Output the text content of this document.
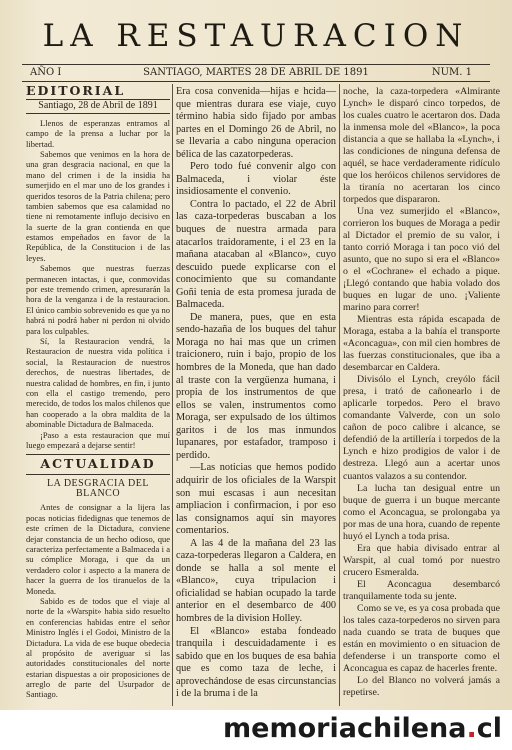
LA RESTAURACION
AÑO I	SANTIAGO, MARTES 28 DE ABRIL DE 1891	NUM. 1
EDITORIAL
Santiago, 28 de Abril de 1891

Llenos de esperanzas entramos al campo de la prensa a luchar por la libertad.

Sabemos que venimos en la hora de una gran desgracia nacional, en que la mano del crimen i de la insidia ha sumerjido en el mar uno de los grandes i queridos tesoros de la Patria chilena; pero tambien sabemos que esa calamidad no tiene ni remotamente influjo decisivo en la suerte de la gran contienda en que estamos empeñados en favor de la República, de la Constitucion i de las leyes.

Sabemos que nuestras fuerzas permanecen intactas, i que, conmovidas por este tremendo crimen, apresurarán la hora de la venganza i de la restauracion. El único cambio sobrevenido es que ya no habrá ni podrá haber ni perdon ni olvido para los culpables.

Sí, la Restauracion vendrá, la Restauracion de nuestra vida política i social, la Restauracion de nuestros derechos, de nuestras libertades, de nuestra calidad de hombres, en fin, i junto con ella el castigo tremendo, pero merecido, de todos los malos chilenos que han cooperado a la obra maldita de la abominable Dictadura de Balmaceda.

¡Paso a esta restauracion que muí luego empezará a dejarse sentir!

ACTUALIDAD
LA DESGRACIA DEL BLANCO

Antes de consignar a la lijera las pocas noticias fidedignas que tenemos de este crímen de la Dictadura, conviene dejar constancia de un hecho odioso, que caracteriza perfectamente a Balmaceda i a su cómplice Moraga, i que da un verdadero color i aspecto a la manera de hacer la guerra de los tiranuelos de la Moneda.

Sabido es de todos que el viaje al norte de la «Warspit» habia sido resuelto en conferencias habidas entre el señor Ministro Inglés i el Godoi, Ministro de la Dictadura. La vida de ese buque obedecia al propósito de averiguar si las autoridades constitucionales del norte estarian dispuestas a oir proposiciones de arreglo de parte del Usurpador de Santiago.

Era cosa convenida—hijas e hcida—que mientras durara ese viaje, cuyo término habia sido fijado por ambas partes en el Domingo 26 de Abril, no se llevaria a cabo ninguna operacion bélica de las cazatorpederas.

Pero todo fué convenir algo con Balmaceda, i violar éste insidiosamente el convenio.

Contra lo pactado, el 22 de Abril las caza-torpederas buscaban a los buques de nuestra armada para atacarlos traidoramente, i el 23 en la mañana atacaban al «Blanco», cuyo descuido puede explicarse con el conocimiento que su comandante Goñi tenia de esta promesa jurada de Balmaceda.

De manera, pues, que en esta sendo-hazaña de los buques del tahur Moraga no hai mas que un crimen traicionero, ruin i bajo, propio de los hombres de la Moneda, que han dado al traste con la vergüenza humana, i propia de los instrumentos de que ellos se valen, instrumentos como Moraga, ser expulsado de los últimos garitos i de los mas inmundos lupanares, por estafador, tramposo i perdido.

—Las noticias que hemos podido adquirir de los oficiales de la Warspit son mui escasas i aun necesitan ampliacion i confirmacion, i por eso las consignamos aquí sin mayores comentarios.

A las 4 de la mañana del 23 las caza-torpederas llegaron a Caldera, en donde se halla a sol mente el «Blanco», cuya tripulacion i oficialidad se habian ocupado la tarde anterior en el desembarco de 400 hombres de la division Holley.

El «Blanco» estaba fondeado tranquila i descuidadamente i es sabido que en los buques de esa bahia que es como taza de leche, i aprovechándose de esas circunstancias i de la bruma i de la

noche, la caza-torpedera «Almirante Lynch» le disparó cinco torpedos, de los cuales cuatro le acertaron dos. Dada la inmensa mole del «Blanco», la poca distancia a que se hallaba la «Lynch», i las condiciones de ninguna defensa de aquél, se hace verdaderamente ridículo que los heróicos chilenos servidores de la tiranía no acertaran los cinco torpedos que dispararon.

Una vez sumerjido el «Blanco», corrieron los buques de Moraga a pedir al Dictador el premio de su valor, i tanto corrió Moraga i tan poco vió del asunto, que no supo si era el «Blanco» o el «Cochrane» el echado a pique. ¡Llegó contando que habia volado dos buques en lugar de uno. ¡Valiente marino para correr!

Mientras esta rápida escapada de Moraga, estaba a la bahía el transporte «Aconcagua», con mil cien hombres de las fuerzas constitucionales, que iba a desembarcar en Caldera.

Divisólo el Lynch, creyólo fácil presa, i trató de cañonearlo i de aplicarle torpedos. Pero el bravo comandante Valverde, con un solo cañon de poco calibre i alcance, se defendió de la artillería i torpedos de la Lynch e hizo prodigios de valor i de destreza. Llegó aun a acertar unos cuantos valazos a su contendor.

La lucha tan desigual entre un buque de guerra i un buque mercante como el Aconcagua, se prolongaba ya por mas de una hora, cuando de repente huyó el Lynch a toda prisa.

Era que habia divisado entrar al Warspit, al cual tomó por nuestro crucero Esmeralda.

El Aconcagua desembarcó tranquilamente toda su jente.

Como se ve, es ya cosa probada que los tales caza-torpederos no sirven para nada cuando se trata de buques que están en movimiento o en situacion de defenderse i un transporte como el Aconcagua es capaz de hacerles frente.

Lo del Blanco no volverá jamás a repetirse.

memoriachilena.cl
